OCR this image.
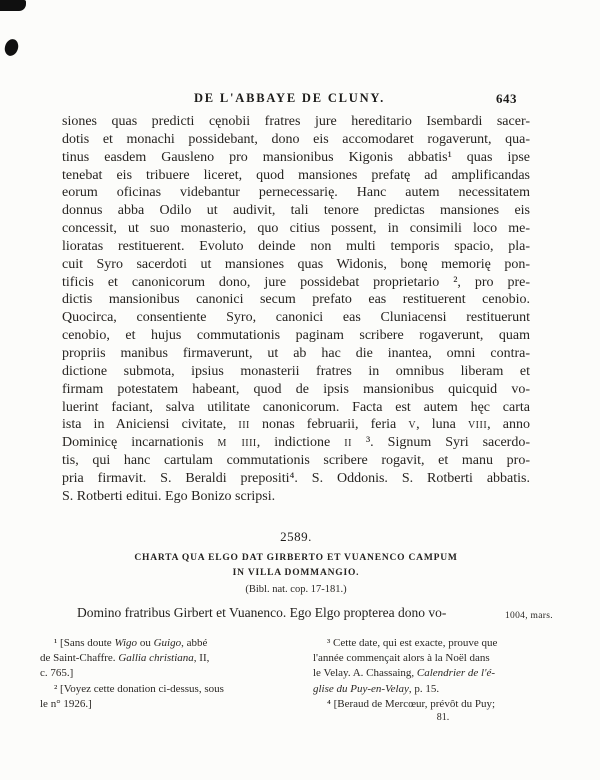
DE L'ABBAYE DE CLUNY.	643
siones quas predicti cęnobii fratres jure hereditario Isembardi sacer-
dotis et monachi possidebant, dono eis accomodaret rogaverunt, qua-
tinus easdem Gausleno pro mansionibus Kigonis abbatis¹ quas ipse
tenebat eis tribuere liceret, quod mansiones prefatę ad amplificandas
eorum oficinas videbantur pernecessarię. Hanc autem necessitatem
donnus abba Odilo ut audivit, tali tenore predictas mansiones eis
concessit, ut suo monasterio, quo citius possent, in consimili loco me-
lioratas restituerent. Evoluto deinde non multi temporis spacio, pla-
cuit Syro sacerdoti ut mansiones quas Widonis, bonę memorię pon-
tificis et canonicorum dono, jure possidebat proprietario ², pro pre-
dictis mansionibus canonici secum prefato eas restituerent cenobio.
Quocirca, consentiente Syro, canonici eas Cluniacensi restituerunt
cenobio, et hujus commutationis paginam scribere rogaverunt, quam
propriis manibus firmaverunt, ut ab hac die inantea, omni contra-
dictione submota, ipsius monasterii fratres in omnibus liberam et
firmam potestatem habeant, quod de ipsis mansionibus quicquid vo-
luerint faciant, salva utilitate canonicorum. Facta est autem hęc carta
ista in Aniciensi civitate, iii nonas februarii, feria v, luna viii, anno
Dominicę incarnationis m iiii, indictione ii ³. Signum Syri sacerdo-
tis, qui hanc cartulam commutationis scribere rogavit, et manu pro-
pria firmavit. S. Beraldi prepositi⁴. S. Oddonis. S. Rotberti abbatis.
S. Rotberti editui. Ego Bonizo scripsi.
2589.
CHARTA QUA ELGO DAT GIRBERTO ET VUANENCO CAMPUM
IN VILLA DOMMANGIO.
(Bibl. nat. cop. 17-181.)
Domino fratribus Girbert et Vuanenco. Ego Elgo propterea dono vo-	1004, mars.
¹ [Sans doute Wigo ou Guigo, abbé
de Saint-Chaffre. Gallia christiana, II,
c. 765.]
² [Voyez cette donation ci-dessus, sous
le n° 1926.]
³ Cette date, qui est exacte, prouve que
l'année commençait alors à la Noël dans
le Velay. A. Chassaing, Calendrier de l'é-
glise du Puy-en-Velay, p. 15.
⁴ [Beraud de Mercœur, prévôt du Puy;
81.
